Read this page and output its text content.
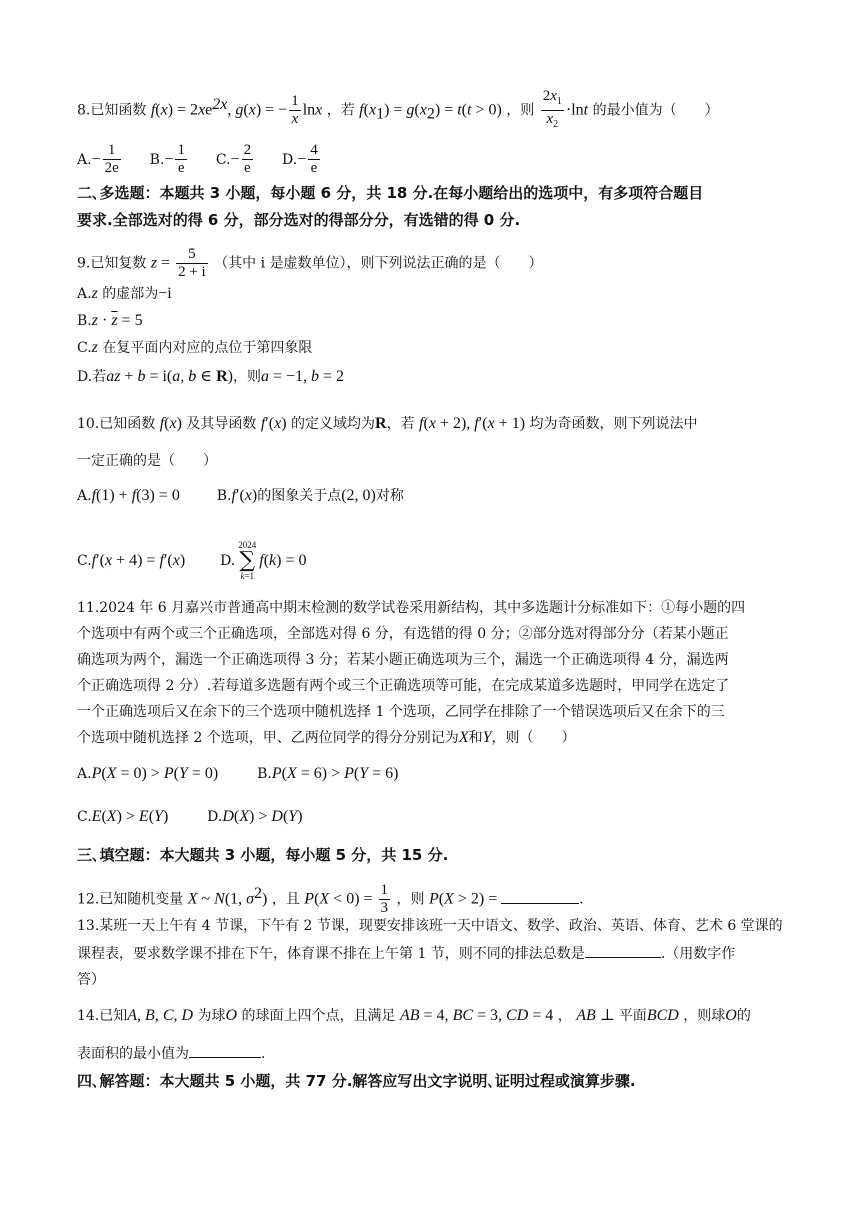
8.已知函数 $f(x) = 2xe^{2x}$, g(x) = − $\frac{1}{x}$ lnx ，若 $f(x_1) = g(x_2) = t(t > 0)$ ，则 $\frac{2x_1}{x_2} \cdot\ln t$ 的最小值为（　　）
$A.- \frac{1}{2e} B.- \frac{1}{e} C.- \frac{2}{e} D.- \frac{4}{e}$
二､多选题：本题共 3 小题，每小题 6 分，共 18 分.在每小题给出的选项中，有多项符合题目
要求.全部选对的得 6 分，部分选对的得部分分，有选错的得 0 分.
9.已知复数 $z = \frac{5}{2 + i}$ （其中 i 是虚数单位），则下列说法正确的是（　　）
A.z 的虚部为−i
$B.z \cdot \overline{z} = 5$
C.z 在复平面内对应的点位于第四象限
D.若az + b = i(a, b ∈ R)，则a = −1, b = 2
10.已知函数 f(x) 及其导函数 f′(x) 的定义域均为R，若 f(x + 2), f′(x + 1) 均为奇函数，则下列说法中
一定正确的是（　　）
A.f(1) + f(3) = 0	B.f′(x)的图象关于点(2, 0)对称
C.f′(x + 4) = f′(x) D.
2024
∑
k=1
f(k) = 0
11.2024 年 6 月嘉兴市普通高中期末检测的数学试卷采用新结构，其中多选题计分标准如下：①每小题的四
个选项中有两个或三个正确选项，全部选对得 6 分，有选错的得 0 分；②部分选对得部分分（若某小题正
确选项为两个，漏选一个正确选项得 3 分；若某小题正确选项为三个，漏选一个正确选项得 4 分，漏选两
个正确选项得 2 分）.若每道多选题有两个或三个正确选项等可能，在完成某道多选题时，甲同学在选定了
一个正确选项后又在余下的三个选项中随机选择 1 个选项，乙同学在排除了一个错误选项后又在余下的三
个选项中随机选择 2 个选项，甲、乙两位同学的得分分别记为X和Y，则（　　）
A.P(X = 0) > P(Y = 0)	B.P(X = 6) > P(Y = 6)
C.E(X) > E(Y)	D.D(X) > D(Y)
三､填空题：本大题共 3 小题，每小题 5 分，共 15 分.
12.已知随机变量 X ~ N(1, $\sigma^2$) ，且 $P(X < 0) = \frac{1}{3}$ ，则 P(X > 2) =	.
13.某班一天上午有 4 节课，下午有 2 节课，现要安排该班一天中语文、数学、政治、英语、体育、艺术 6 堂课的
课程表，要求数学课不排在下午，体育课不排在上午第 1 节，则不同的排法总数是	.（用数字作
答）
14.已知A, B, C, D 为球O 的球面上四个点，且满足 AB = 4, BC = 3, CD = 4 ， AB ⊥ 平面BCD ，则球O的
表面积的最小值为	.
四､解答题：本大题共 5 小题，共 77 分.解答应写出文字说明､证明过程或演算步骤.
